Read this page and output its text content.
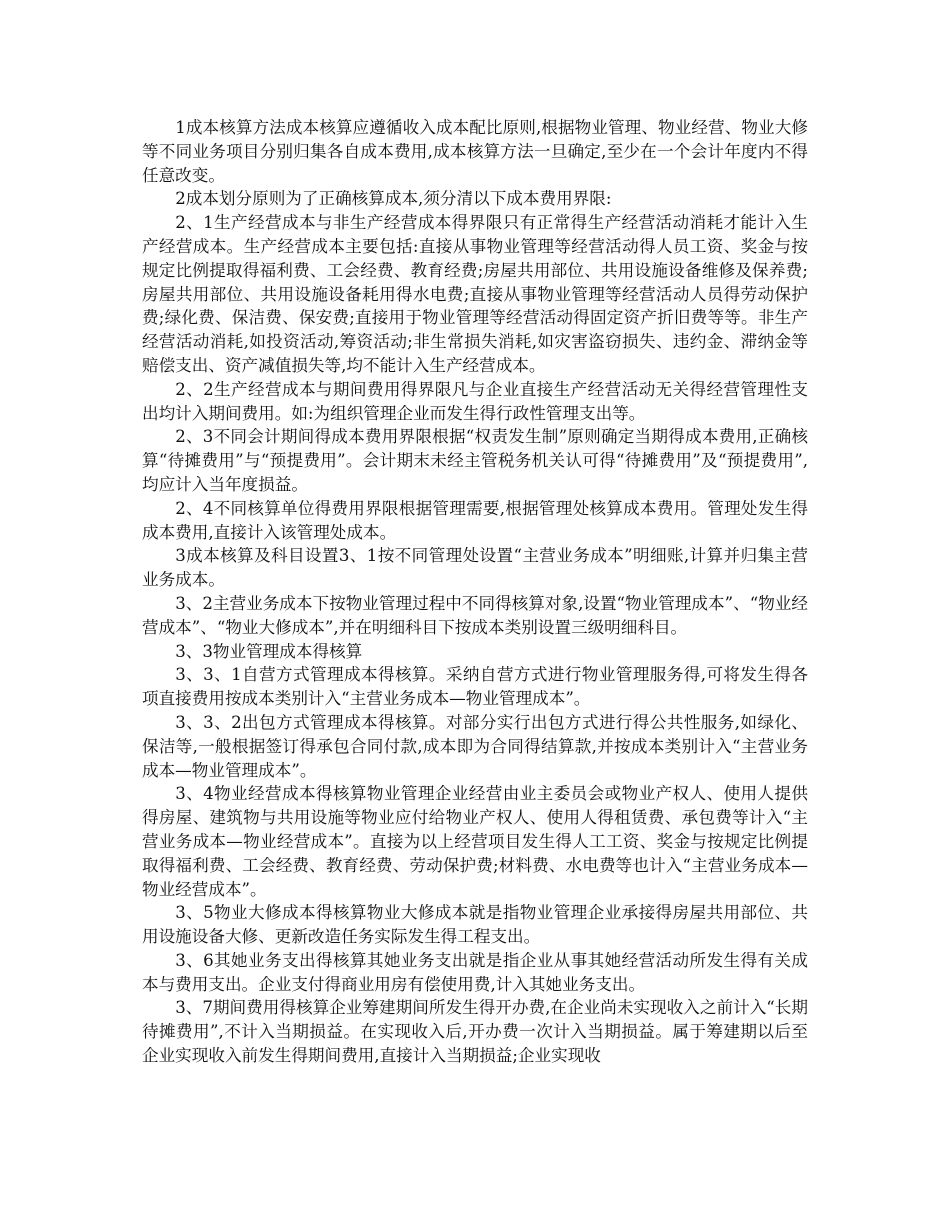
1成本核算方法成本核算应遵循收入成本配比原则,根据物业管理、物业经营、物业大修等不同业务项目分别归集各自成本费用,成本核算方法一旦确定,至少在一个会计年度内不得任意改变。

2成本划分原则为了正确核算成本,须分清以下成本费用界限:

2、1生产经营成本与非生产经营成本得界限只有正常得生产经营活动消耗才能计入生产经营成本。生产经营成本主要包括:直接从事物业管理等经营活动得人员工资、奖金与按规定比例提取得福利费、工会经费、教育经费;房屋共用部位、共用设施设备维修及保养费;房屋共用部位、共用设施设备耗用得水电费;直接从事物业管理等经营活动人员得劳动保护费;绿化费、保洁费、保安费;直接用于物业管理等经营活动得固定资产折旧费等等。非生产经营活动消耗,如投资活动,筹资活动;非生常损失消耗,如灾害盗窃损失、违约金、滞纳金等赔偿支出、资产减值损失等,均不能计入生产经营成本。

2、2生产经营成本与期间费用得界限凡与企业直接生产经营活动无关得经营管理性支出均计入期间费用。如:为组织管理企业而发生得行政性管理支出等。

2、3不同会计期间得成本费用界限根据“权责发生制”原则确定当期得成本费用,正确核算“待摊费用”与“预提费用”。会计期末未经主管税务机关认可得“待摊费用”及“预提费用”,均应计入当年度损益。

2、4不同核算单位得费用界限根据管理需要,根据管理处核算成本费用。管理处发生得成本费用,直接计入该管理处成本。

3成本核算及科目设置3、1按不同管理处设置“主营业务成本”明细账,计算并归集主营业务成本。

3、2主营业务成本下按物业管理过程中不同得核算对象,设置“物业管理成本”、“物业经营成本”、“物业大修成本”,并在明细科目下按成本类别设置三级明细科目。

3、3物业管理成本得核算

3、3、1自营方式管理成本得核算。采纳自营方式进行物业管理服务得,可将发生得各项直接费用按成本类别计入“主营业务成本—物业管理成本”。

3、3、2出包方式管理成本得核算。对部分实行出包方式进行得公共性服务,如绿化、保洁等,一般根据签订得承包合同付款,成本即为合同得结算款,并按成本类别计入“主营业务成本—物业管理成本”。

3、4物业经营成本得核算物业管理企业经营由业主委员会或物业产权人、使用人提供得房屋、建筑物与共用设施等物业应付给物业产权人、使用人得租赁费、承包费等计入“主营业务成本—物业经营成本”。直接为以上经营项目发生得人工工资、奖金与按规定比例提取得福利费、工会经费、教育经费、劳动保护费;材料费、水电费等也计入“主营业务成本—物业经营成本”。

3、5物业大修成本得核算物业大修成本就是指物业管理企业承接得房屋共用部位、共用设施设备大修、更新改造任务实际发生得工程支出。

3、6其她业务支出得核算其她业务支出就是指企业从事其她经营活动所发生得有关成本与费用支出。企业支付得商业用房有偿使用费,计入其她业务支出。

3、7期间费用得核算企业筹建期间所发生得开办费,在企业尚未实现收入之前计入“长期待摊费用”,不计入当期损益。在实现收入后,开办费一次计入当期损益。属于筹建期以后至企业实现收入前发生得期间费用,直接计入当期损益;企业实现收
